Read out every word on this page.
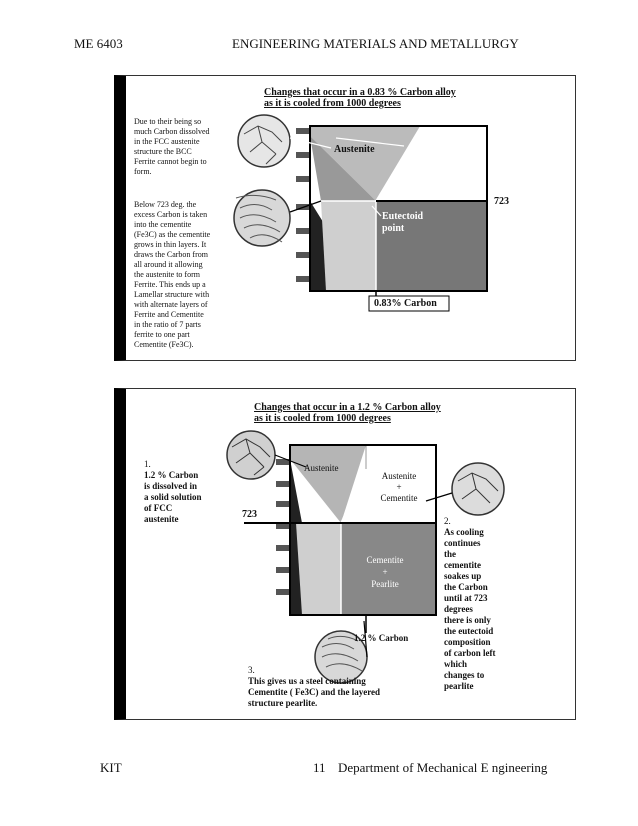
ME 6403	ENGINEERING MATERIALS AND METALLURGY
Changes that occur in a 0.83 % Carbon alloy
as it is cooled from 1000 degrees
Due to their being so
much Carbon dissolved
in the FCC austenite
structure the BCC
Ferrite cannot begin to
form.
Below 723 deg. the
excess Carbon is taken
into the cementite
(Fe3C) as the cementite
grows in thin layers. It
draws the Carbon from
all around it allowing
the austenite to form
Ferrite. This ends up a
Lamellar structure with
with alternate layers of
Ferrite and Cementite
in the ratio of 7 parts
ferrite to one part
Cementite (Fe3C).
Austenite
Eutectoid
point
723
0.83% Carbon
Changes that occur in a 1.2 % Carbon alloy
as it is cooled from 1000 degrees
1.
1.2 % Carbon
is dissolved in
a solid solution
of FCC
austenite	2.
As cooling
continues
the
cementite
soakes up
the Carbon
until at 723
degrees
there is only
the eutectoid
composition
of carbon left
which
changes to
pearlite
3.
This gives us a steel containing
Cementite ( Fe3C) and the layered
structure pearlite.
Austenite
Austenite
+
Cementite
Cementite
+
Pearlite
723
1.2 % Carbon
KIT	11 Department of Mechanical E ngineering
